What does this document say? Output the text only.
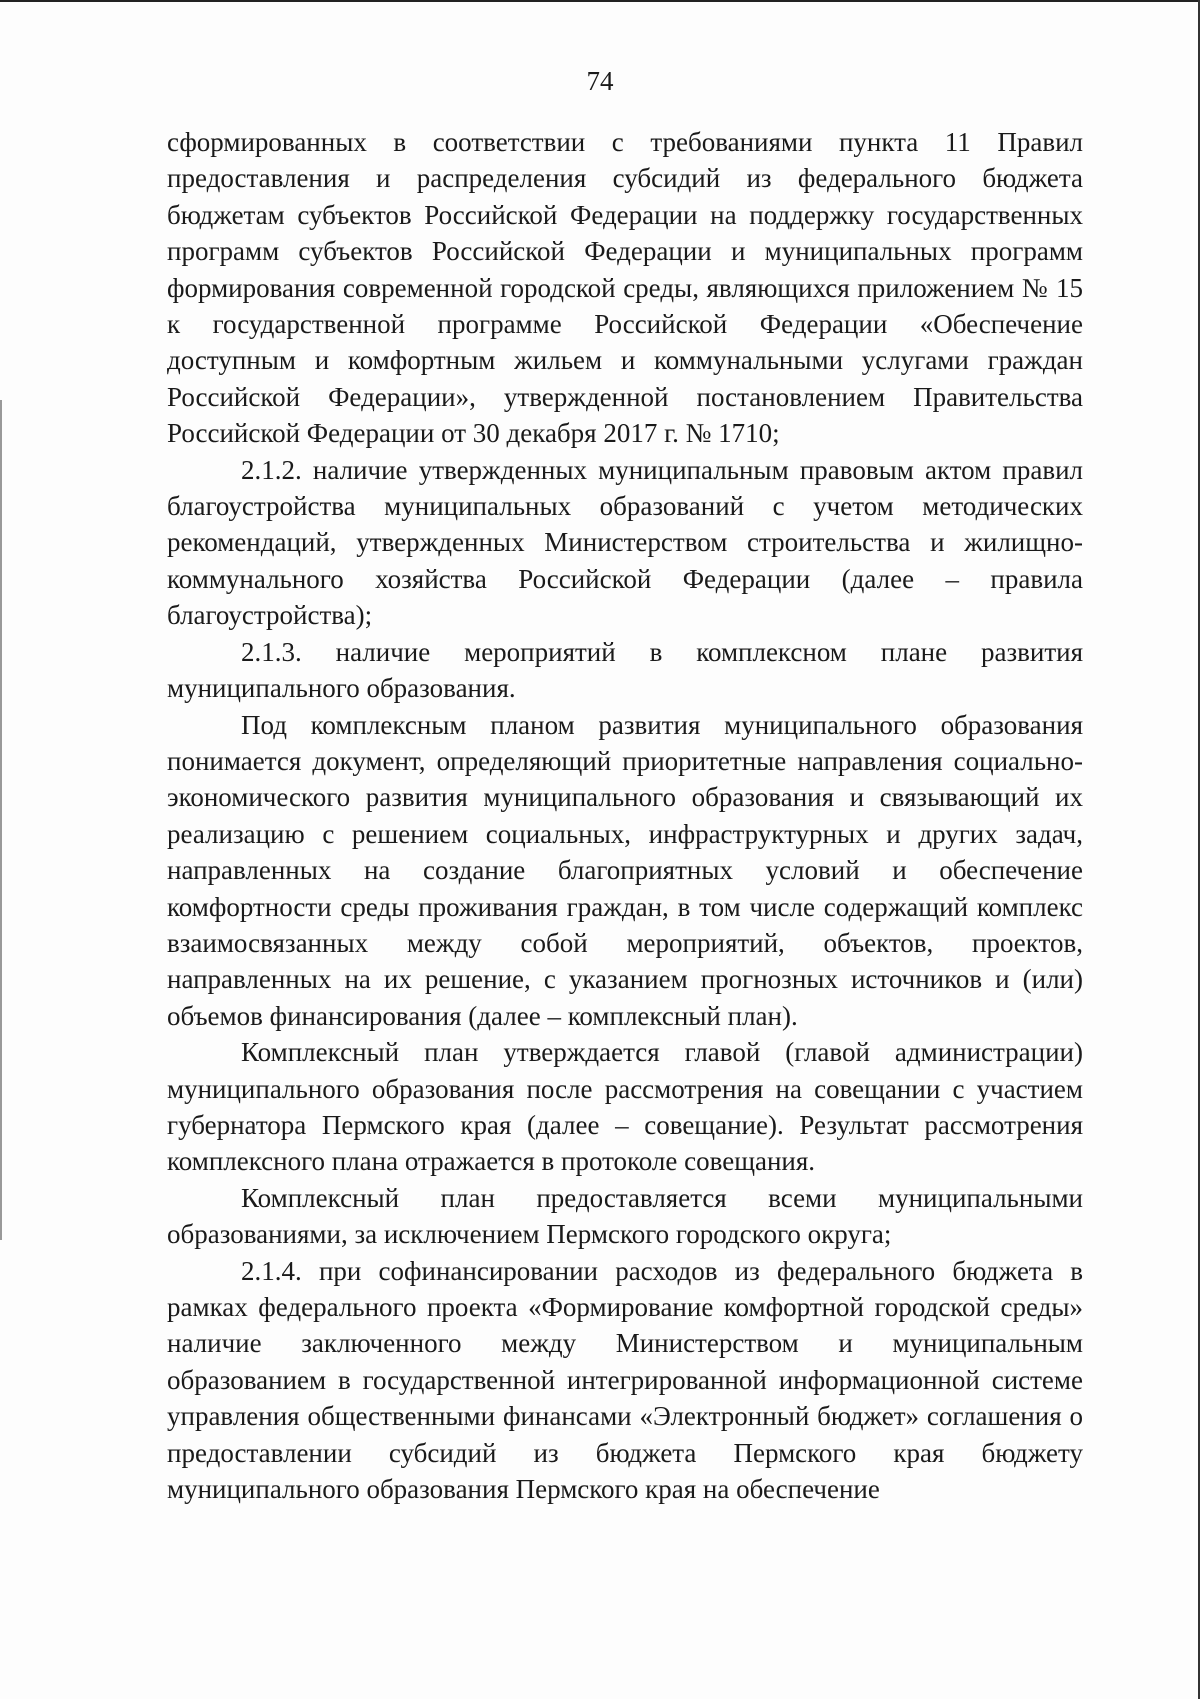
74

сформированных в соответствии с требованиями пункта 11 Правил предоставления и распределения субсидий из федерального бюджета бюджетам субъектов Российской Федерации на поддержку государственных программ субъектов Российской Федерации и муниципальных программ формирования современной городской среды, являющихся приложением № 15 к государственной программе Российской Федерации «Обеспечение доступным и комфортным жильем и коммунальными услугами граждан Российской Федерации», утвержденной постановлением Правительства Российской Федерации от 30 декабря 2017 г. № 1710;

2.1.2. наличие утвержденных муниципальным правовым актом правил благоустройства муниципальных образований с учетом методических рекомендаций, утвержденных Министерством строительства и жилищно-коммунального хозяйства Российской Федерации (далее – правила благоустройства);

2.1.3. наличие мероприятий в комплексном плане развития муниципального образования.

Под комплексным планом развития муниципального образования понимается документ, определяющий приоритетные направления социально-экономического развития муниципального образования и связывающий их реализацию с решением социальных, инфраструктурных и других задач, направленных на создание благоприятных условий и обеспечение комфортности среды проживания граждан, в том числе содержащий комплекс взаимосвязанных между собой мероприятий, объектов, проектов, направленных на их решение, с указанием прогнозных источников и (или) объемов финансирования (далее – комплексный план).

Комплексный план утверждается главой (главой администрации) муниципального образования после рассмотрения на совещании с участием губернатора Пермского края (далее – совещание). Результат рассмотрения комплексного плана отражается в протоколе совещания.

Комплексный план предоставляется всеми муниципальными образованиями, за исключением Пермского городского округа;

2.1.4. при софинансировании расходов из федерального бюджета в рамках федерального проекта «Формирование комфортной городской среды» наличие заключенного между Министерством и муниципальным образованием в государственной интегрированной информационной системе управления общественными финансами «Электронный бюджет» соглашения о предоставлении субсидий из бюджета Пермского края бюджету муниципального образования Пермского края на обеспечение
